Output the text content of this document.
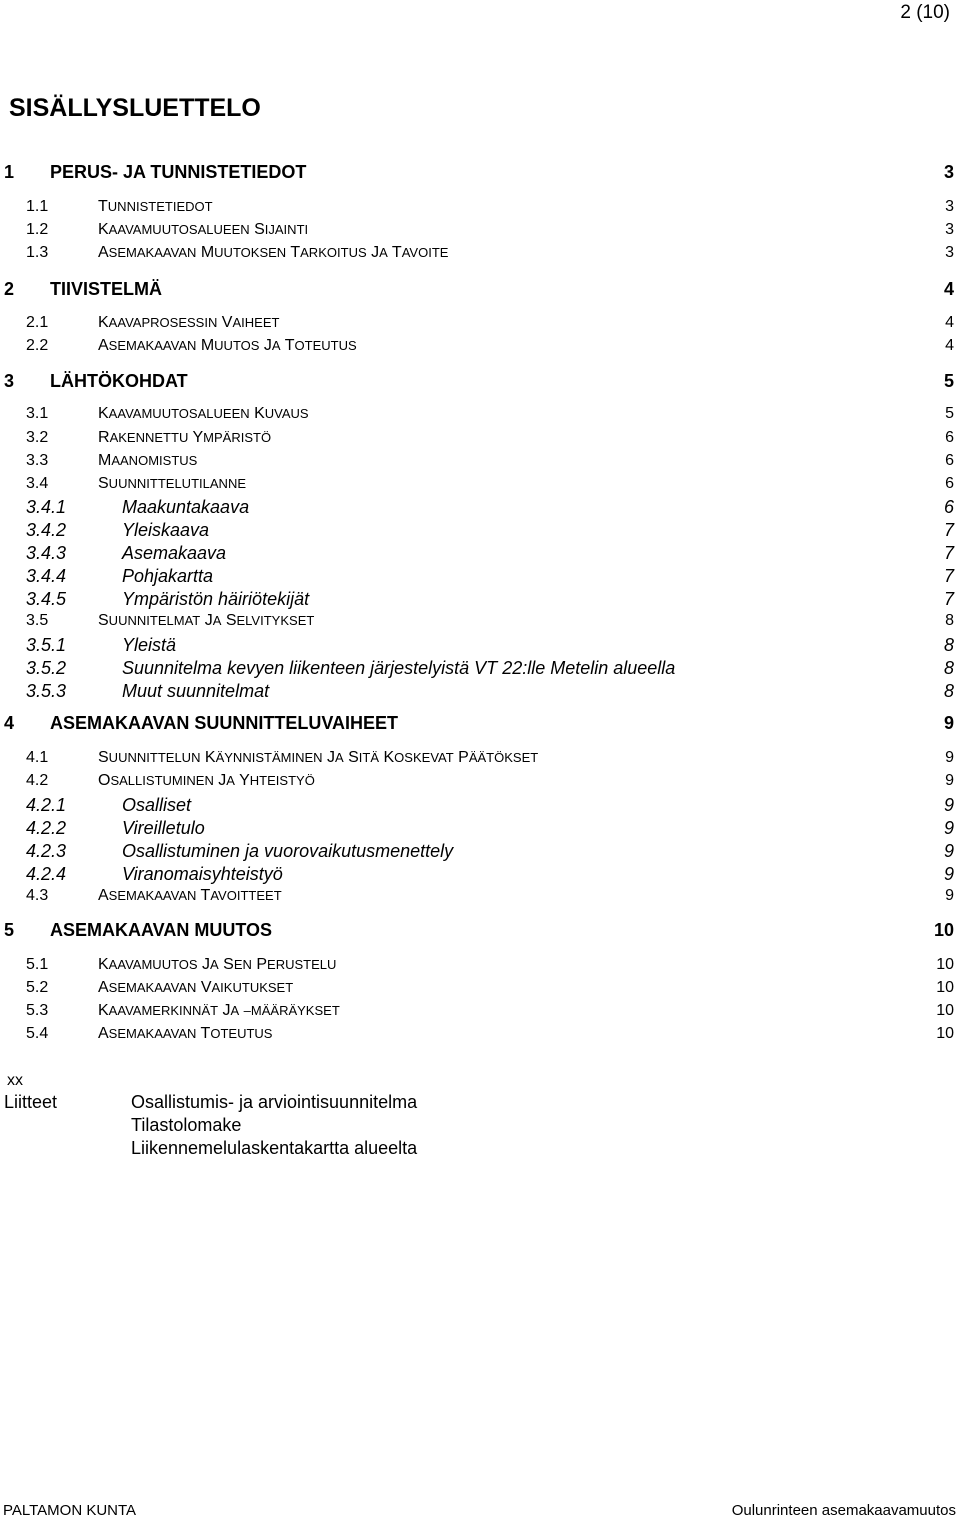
2 (10)
SISÄLLYSLUETTELO
1 PERUS- JA TUNNISTETIEDOT	3
1.1	TUNNISTETIEDOT	3
1.2	KAAVAMUUTOSALUEEN SIJAINTI	3
1.3	ASEMAKAAVAN MUUTOKSEN TARKOITUS JA TAVOITE	3
2 TIIVISTELMÄ	4
2.1	KAAVAPROSESSIN VAIHEET	4
2.2	ASEMAKAAVAN MUUTOS JA TOTEUTUS	4
3 LÄHTÖKOHDAT	5
3.1	KAAVAMUUTOSALUEEN KUVAUS	5
3.2	RAKENNETTU YMPÄRISTÖ	6
3.3	MAANOMISTUS	6
3.4	SUUNNITTELUTILANNE	6
3.4.1	Maakuntakaava	6
3.4.2	Yleiskaava	7
3.4.3	Asemakaava	7
3.4.4	Pohjakartta	7
3.4.5	Ympäristön häiriötekijät	7
3.5	SUUNNITELMAT JA SELVITYKSET	8
3.5.1	Yleistä	8
3.5.2	Suunnitelma kevyen liikenteen järjestelyistä VT 22:lle Metelin alueella	8
3.5.3	Muut suunnitelmat	8
4 ASEMAKAAVAN SUUNNITTELUVAIHEET	9
4.1	SUUNNITTELUN KÄYNNISTÄMINEN JA SITÄ KOSKEVAT PÄÄTÖKSET	9
4.2	OSALLISTUMINEN JA YHTEISTYÖ	9
4.2.1	Osalliset	9
4.2.2	Vireilletulo	9
4.2.3	Osallistuminen ja vuorovaikutusmenettely	9
4.2.4	Viranomaisyhteistyö	9
4.3	ASEMAKAAVAN TAVOITTEET	9
5 ASEMAKAAVAN MUUTOS	10
5.1	KAAVAMUUTOS JA SEN PERUSTELU	10
5.2	ASEMAKAAVAN VAIKUTUKSET	10
5.3	KAAVAMERKINNÄT JA –MÄÄRÄYKSET	10
5.4	ASEMAKAAVAN TOTEUTUS	10
xx
Liitteet	Osallistumis- ja arviointisuunnitelma
Tilastolomake
Liikennemelulaskentakartta alueelta
PALTAMON KUNTA	Oulunrinteen asemakaavamuutos
